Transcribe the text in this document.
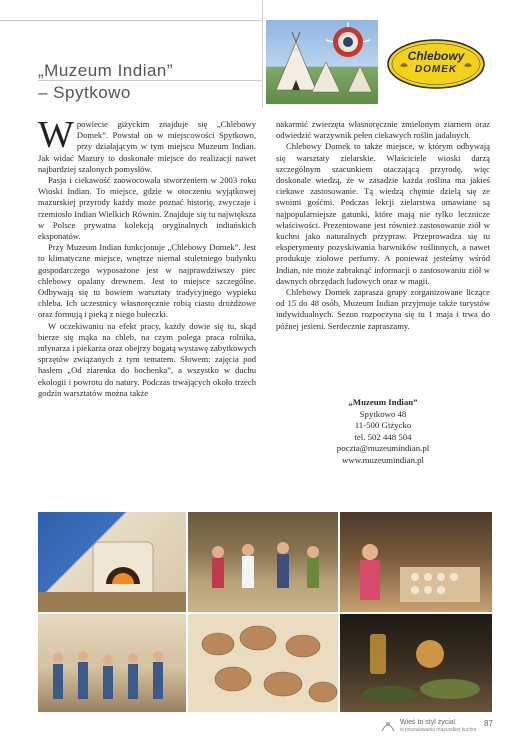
„Muzeum Indian”
– Spytkowo
Chlebowy
DOMEK

Wpowiecie giżyckim znajduje się „Chlebowy Domek”. Powstał on w miejscowości Spytkowo, przy działającym w tym miejscu Muzeum Indian. Jak widać Mazury to doskonałe miejsce do realizacji nawet najbardziej szalonych pomysłów.

Pasja i ciekawość zaowocowała stworzeniem w 2003 roku Wioski Indian. To miejsce, gdzie w otoczeniu wyjątkowej mazurskiej przyrody każdy może poznać historię, zwyczaje i rzemiosło Indian Wielkich Równin. Znajduje się tu największa w Polsce prywatna kolekcją oryginalnych indiańskich eksponatów.

Przy Muzeum Indian funkcjonuje „Chlebowy Domek”. Jest to klimatyczne miejsce, wnętrze niemal stuletniego budynku gospodarczego wyposażone jest w najprawdziwszy piec chlebowy opalany drewnem. Jest to miejsce szczególne. Odbywają się tu bowiem warsztaty tradycyjnego wypieku chleba. Ich uczestnicy własnoręcznie robią ciasto drożdżowe oraz formują i pieką z niego bułeczki.

W oczekiwaniu na efekt pracy, każdy dowie się tu, skąd bierze się mąka na chleb, na czym polega praca rolnika, młynarza i piekarza oraz obejrzy bogatą wystawę zabytkowych sprzętów związanych z tym tematem. Słowem: zajęcia pod hasłem „Od ziarenka do bochenka”, a wszystko w duchu ekologii i powrotu do natury. Podczas trwających około trzech godzin warsztatów można także

nakarmić zwierzęta własnoręcznie zmielonym ziarnem oraz odwiedzić warzywnik pełen ciekawych roślin jadalnych.

Chlebowy Domek to także miejsce, w którym odbywają się warsztaty zielarskie. Właściciele wioski darzą szczególnym szacunkiem otaczającą przyrodę, więc doskonale wiedzą, że w zasadzie każda roślina ma jakieś ciekawe zastosowanie. Tą wiedzą chętnie dzielą się ze swoimi gośćmi. Podczas lekcji zielarstwa omawiane są najpopularniejsze gatunki, które mają nie tylko lecznicze właściwości. Prezentowane jest również zastosowanie ziół w kuchni jako naturalnych przypraw. Przeprowadza się tu eksperymenty pozyskiwania barwników roślinnych, a nawet produkuje ziołowe perfumy. A ponieważ jesteśmy wśród Indian, nie może zabraknąć informacji o zastosowaniu ziół w dawnych obrzędach ludowych oraz w magii.

Chlebowy Domek zaprasza grupy zorganizowane liczące od 15 do 48 osób, Muzeum Indian przyjmuje także turystów indywidualnych. Sezon rozpoczyna się tu 1 maja i trwa do późnej jesieni. Serdecznie zapraszamy.

„Muzeum Indian”
Spytkowo 48
11-500 Giżycko
tel. 502 448 504
poczta@muzeumindian.pl
www.muzeumindian.pl
Wieś to styl życia!
w poszukiwaniu mazurskiej kuchni
87
